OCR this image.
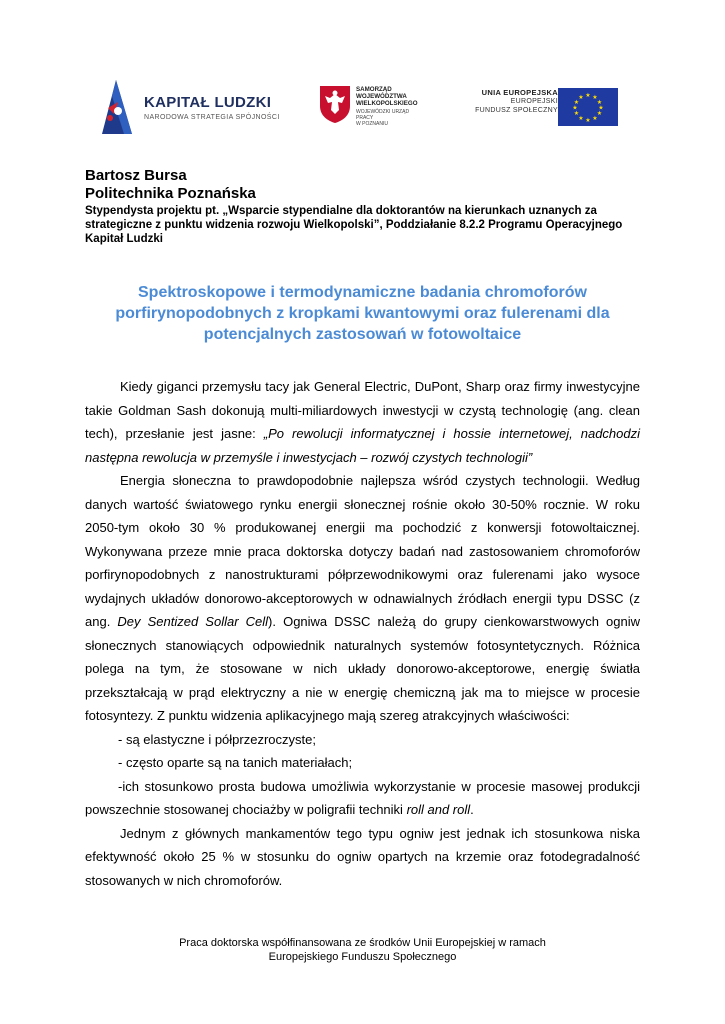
KAPITAŁ LUDZKI
NARODOWA STRATEGIA SPÓJNOŚCI
SAMORZĄD WOJEWÓDZTWA
WIELKOPOLSKIEGO
WOJEWÓDZKI URZĄD PRACY
W POZNANIU
UNIA EUROPEJSKA
EUROPEJSKI
FUNDUSZ SPOŁECZNY
★ ★
★
★
★
★
★
★
★
★
★
★
Bartosz Bursa
Politechnika Poznańska
Stypendysta projektu pt. „Wsparcie stypendialne dla doktorantów na kierunkach uznanych za strategiczne z punktu widzenia rozwoju Wielkopolski”, Poddziałanie 8.2.2 Programu Operacyjnego Kapitał Ludzki
Spektroskopowe i termodynamiczne badania chromoforów porfirynopodobnych z kropkami kwantowymi oraz fulerenami dla potencjalnych zastosowań w fotowoltaice

Kiedy giganci przemysłu tacy jak General Electric, DuPont, Sharp oraz firmy inwestycyjne takie Goldman Sash dokonują multi-miliardowych inwestycji w czystą technologię (ang. clean tech), przesłanie jest jasne: „Po rewolucji informatycznej i hossie internetowej, nadchodzi następna rewolucja w przemyśle i inwestycjach – rozwój czystych technologii”

Energia słoneczna to prawdopodobnie najlepsza wśród czystych technologii. Według danych wartość światowego rynku energii słonecznej rośnie około 30-50% rocznie. W roku 2050-tym około 30 % produkowanej energii ma pochodzić z konwersji fotowoltaicznej. Wykonywana przeze mnie praca doktorska dotyczy badań nad zastosowaniem chromoforów porfirynopodobnych z nanostrukturami półprzewodnikowymi oraz fulerenami jako wysoce wydajnych układów donorowo-akceptorowych w odnawialnych źródłach energii typu DSSC (z ang. Dey Sentized Sollar Cell). Ogniwa DSSC należą do grupy cienkowarstwowych ogniw słonecznych stanowiących odpowiednik naturalnych systemów fotosyntetycznych. Różnica polega na tym, że stosowane w nich układy donorowo-akceptorowe, energię światła przekształcają w prąd elektryczny a nie w energię chemiczną jak ma to miejsce w procesie fotosyntezy. Z punktu widzenia aplikacyjnego mają szereg atrakcyjnych właściwości:

- są elastyczne i półprzezroczyste;

- często oparte są na tanich materiałach;

-ich stosunkowo prosta budowa umożliwia wykorzystanie w procesie masowej produkcji powszechnie stosowanej chociażby w poligrafii techniki roll and roll.

Jednym z głównych mankamentów tego typu ogniw jest jednak ich stosunkowa niska efektywność około 25 % w stosunku do ogniw opartych na krzemie oraz fotodegradalność stosowanych w nich chromoforów.

Praca doktorska współfinansowana ze środków Unii Europejskiej w ramach
Europejskiego Funduszu Społecznego
